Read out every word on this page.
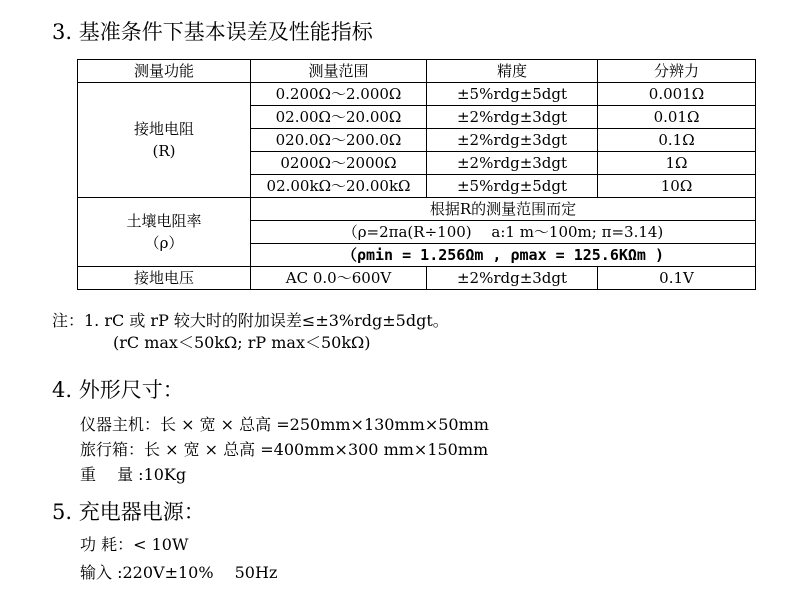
3. 基准条件下基本误差及性能指标
测量功能	测量范围	精度	分辨力
接地电阻
(R)	0.200Ω～2.000Ω	±5%rdg±5dgt	0.001Ω
	02.00Ω～20.00Ω	±2%rdg±3dgt	0.01Ω
	020.0Ω～200.0Ω	±2%rdg±3dgt	0.1Ω
	0200Ω～2000Ω	±2%rdg±3dgt	1Ω
	02.00kΩ～20.00kΩ	±5%rdg±5dgt	10Ω
土壤电阻率
（ρ）	根据R的测量范围而定		
	（ρ=2πa(R÷100)　 a:1 m～100m; π=3.14)		
	（ρmin = 1.256Ωm , ρmax = 125.6KΩm )		
接地电压	AC 0.0～600V	±2%rdg±3dgt	0.1V
注：1. rC 或 rP 较大时的附加误差≤±3%rdg±5dgt。
(rC max＜50kΩ; rP max＜50kΩ)
4. 外形尺寸：
仪器主机：长 × 宽 × 总高 =250mm×130mm×50mm
旅行箱：长 × 宽 × 总高 =400mm×300 mm×150mm
重　 量 :10Kg
5. 充电器电源：
功 耗：< 10W
输入 :220V±10%　 50Hz
